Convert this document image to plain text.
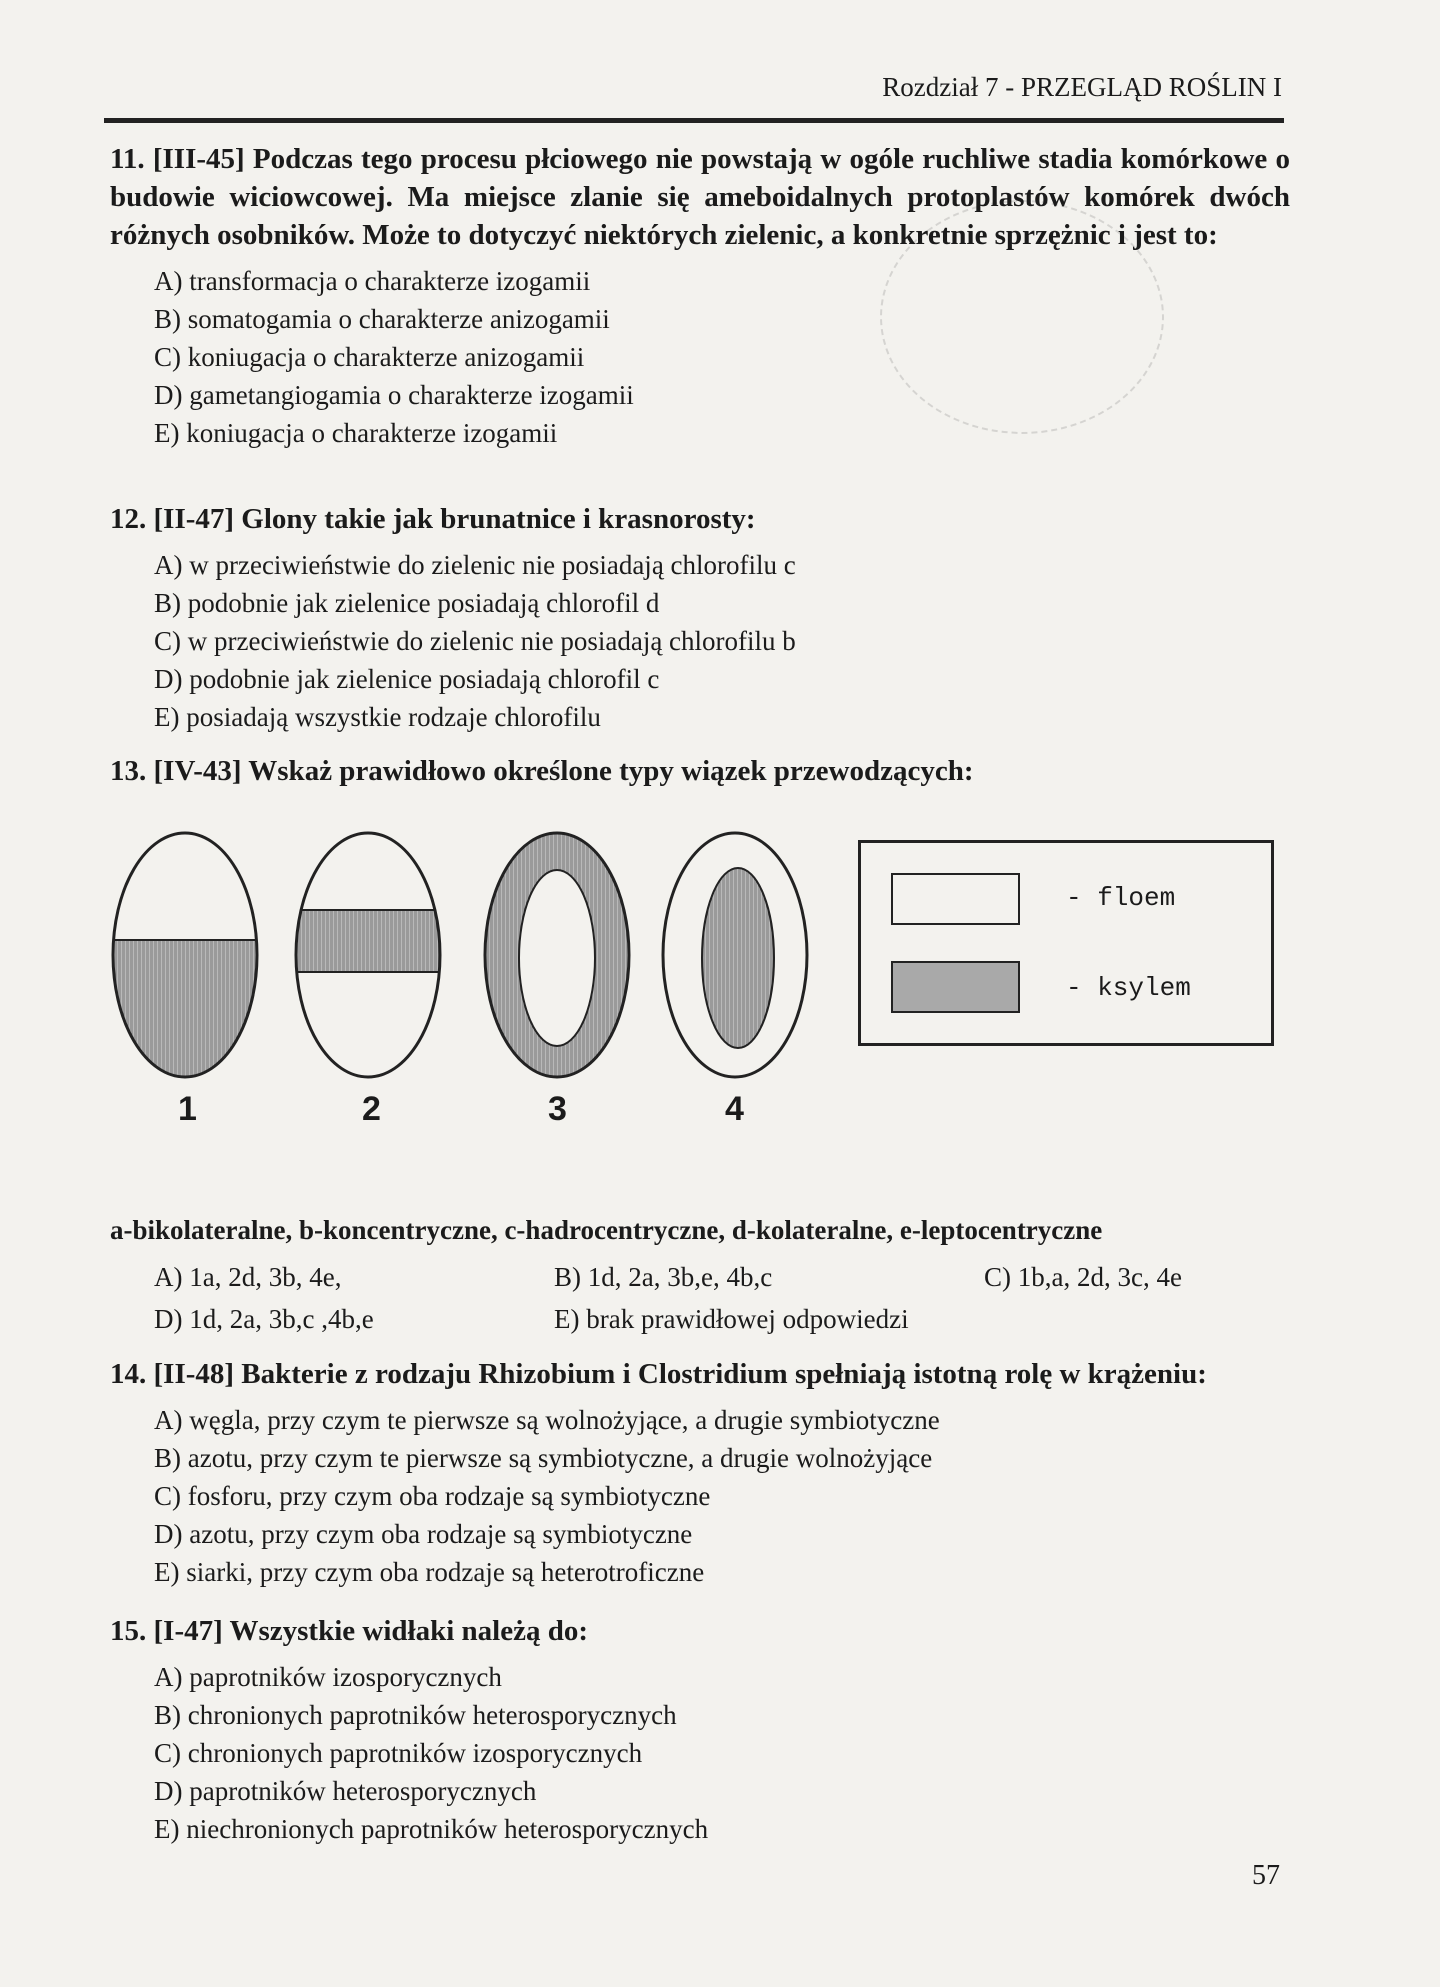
Rozdział 7 - PRZEGLĄD ROŚLIN I
11. [III-45] Podczas tego procesu płciowego nie powstają w ogóle ruchliwe stadia komórkowe o budowie wiciowcowej. Ma miejsce zlanie się ameboidalnych protoplastów komórek dwóch różnych osobników. Może to dotyczyć niektórych zielenic, a konkretnie sprzężnic i jest to:
A) transformacja o charakterze izogamii
B) somatogamia o charakterze anizogamii
C) koniugacja o charakterze anizogamii
D) gametangiogamia o charakterze izogamii
E) koniugacja o charakterze izogamii
12. [II-47] Glony takie jak brunatnice i krasnorosty:
A) w przeciwieństwie do zielenic nie posiadają chlorofilu c
B) podobnie jak zielenice posiadają chlorofil d
C) w przeciwieństwie do zielenic nie posiadają chlorofilu b
D) podobnie jak zielenice posiadają chlorofil c
E) posiadają wszystkie rodzaje chlorofilu
13. [IV-43] Wskaż prawidłowo określone typy wiązek przewodzących:
1	2	3	4
- floem
- ksylem
a-bikolateralne, b-koncentryczne, c-hadrocentryczne, d-kolateralne, e-leptocentryczne
A) 1a, 2d, 3b, 4e,	B) 1d, 2a, 3b,e, 4b,c	C) 1b,a, 2d, 3c, 4e
D) 1d, 2a, 3b,c ,4b,e	E) brak prawidłowej odpowiedzi
14. [II-48] Bakterie z rodzaju Rhizobium i Clostridium spełniają istotną rolę w krążeniu:
A) węgla, przy czym te pierwsze są wolnożyjące, a drugie symbiotyczne
B) azotu, przy czym te pierwsze są symbiotyczne, a drugie wolnożyjące
C) fosforu, przy czym oba rodzaje są symbiotyczne
D) azotu, przy czym oba rodzaje są symbiotyczne
E) siarki, przy czym oba rodzaje są heterotroficzne
15. [I-47] Wszystkie widłaki należą do:
A) paprotników izosporycznych
B) chronionych paprotników heterosporycznych
C) chronionych paprotników izosporycznych
D) paprotników heterosporycznych
E) niechronionych paprotników heterosporycznych
57
